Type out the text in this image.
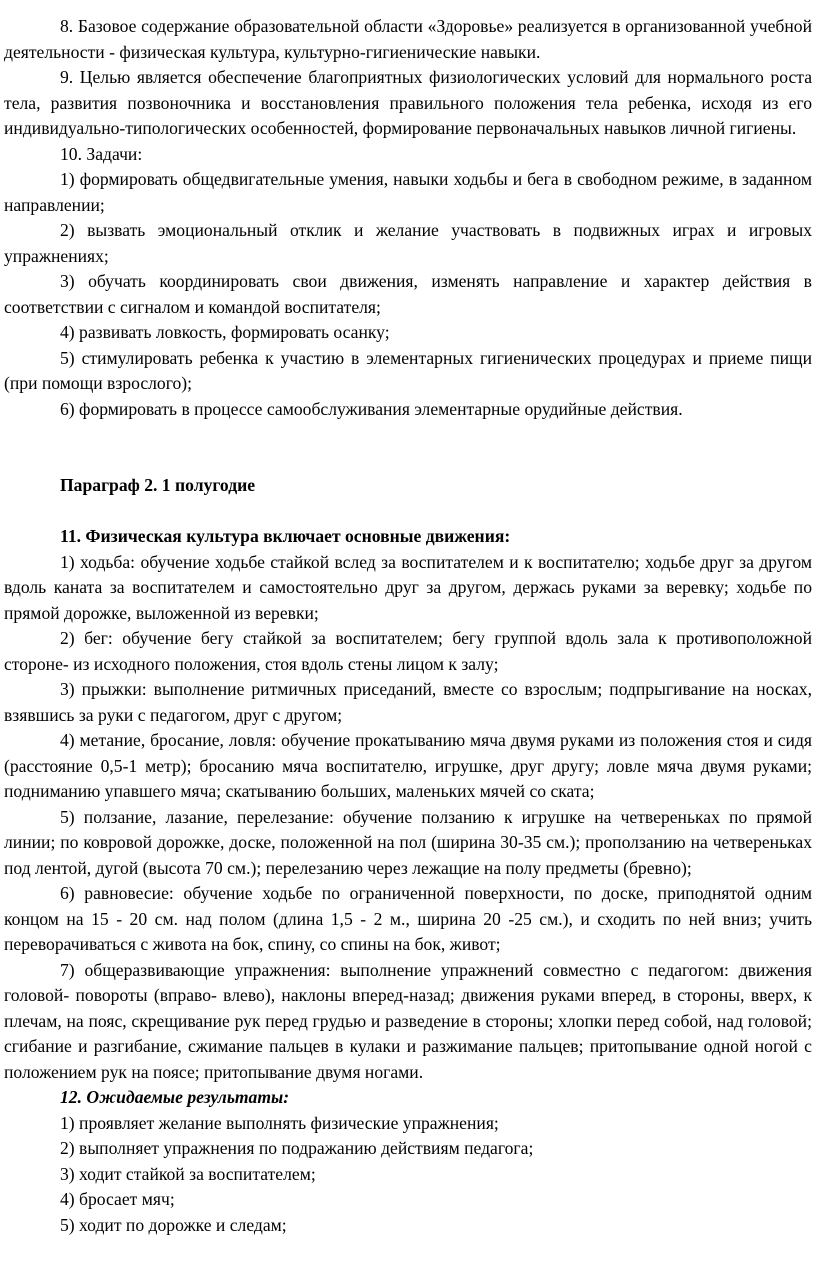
8. Базовое содержание образовательной области «Здоровье» реализуется в организованной учебной деятельности - физическая культура, культурно-гигиенические навыки.

9. Целью является обеспечение благоприятных физиологических условий для нормального роста тела, развития позвоночника и восстановления правильного положения тела ребенка, исходя из его индивидуально-типологических особенностей, формирование первоначальных навыков личной гигиены.

10. Задачи:

1) формировать общедвигательные умения, навыки ходьбы и бега в свободном режиме, в заданном направлении;

2) вызвать эмоциональный отклик и желание участвовать в подвижных играх и игровых упражнениях;

3) обучать координировать свои движения, изменять направление и характер действия в соответствии с сигналом и командой воспитателя;

4) развивать ловкость, формировать осанку;

5) стимулировать ребенка к участию в элементарных гигиенических процедурах и приеме пищи (при помощи взрослого);

6) формировать в процессе самообслуживания элементарные орудийные действия.

Параграф 2. 1 полугодие

11. Физическая культура включает основные движения:

1) ходьба: обучение ходьбе стайкой вслед за воспитателем и к воспитателю; ходьбе друг за другом вдоль каната за воспитателем и самостоятельно друг за другом, держась руками за веревку; ходьбе по прямой дорожке, выложенной из веревки;

2) бег: обучение бегу стайкой за воспитателем; бегу группой вдоль зала к противоположной стороне- из исходного положения, стоя вдоль стены лицом к залу;

3) прыжки: выполнение ритмичных приседаний, вместе со взрослым; подпрыгивание на носках, взявшись за руки с педагогом, друг с другом;

4) метание, бросание, ловля: обучение прокатыванию мяча двумя руками из положения стоя и сидя (расстояние 0,5-1 метр); бросанию мяча воспитателю, игрушке, друг другу; ловле мяча двумя руками; подниманию упавшего мяча; скатыванию больших, маленьких мячей со ската;

5) ползание, лазание, перелезание: обучение ползанию к игрушке на четвереньках по прямой линии; по ковровой дорожке, доске, положенной на пол (ширина 30-35 см.); проползанию на четвереньках под лентой, дугой (высота 70 см.); перелезанию через лежащие на полу предметы (бревно);

6) равновесие: обучение ходьбе по ограниченной поверхности, по доске, приподнятой одним концом на 15 - 20 см. над полом (длина 1,5 - 2 м., ширина 20 -25 см.), и сходить по ней вниз; учить переворачиваться с живота на бок, спину, со спины на бок, живот;

7) общеразвивающие упражнения: выполнение упражнений совместно с педагогом: движения головой- повороты (вправо- влево), наклоны вперед-назад; движения руками вперед, в стороны, вверх, к плечам, на пояс, скрещивание рук перед грудью и разведение в стороны; хлопки перед собой, над головой; сгибание и разгибание, сжимание пальцев в кулаки и разжимание пальцев; притопывание одной ногой с положением рук на поясе; притопывание двумя ногами.

12. Ожидаемые результаты:

1) проявляет желание выполнять физические упражнения;

2) выполняет упражнения по подражанию действиям педагога;

3) ходит стайкой за воспитателем;

4) бросает мяч;

5) ходит по дорожке и следам;
